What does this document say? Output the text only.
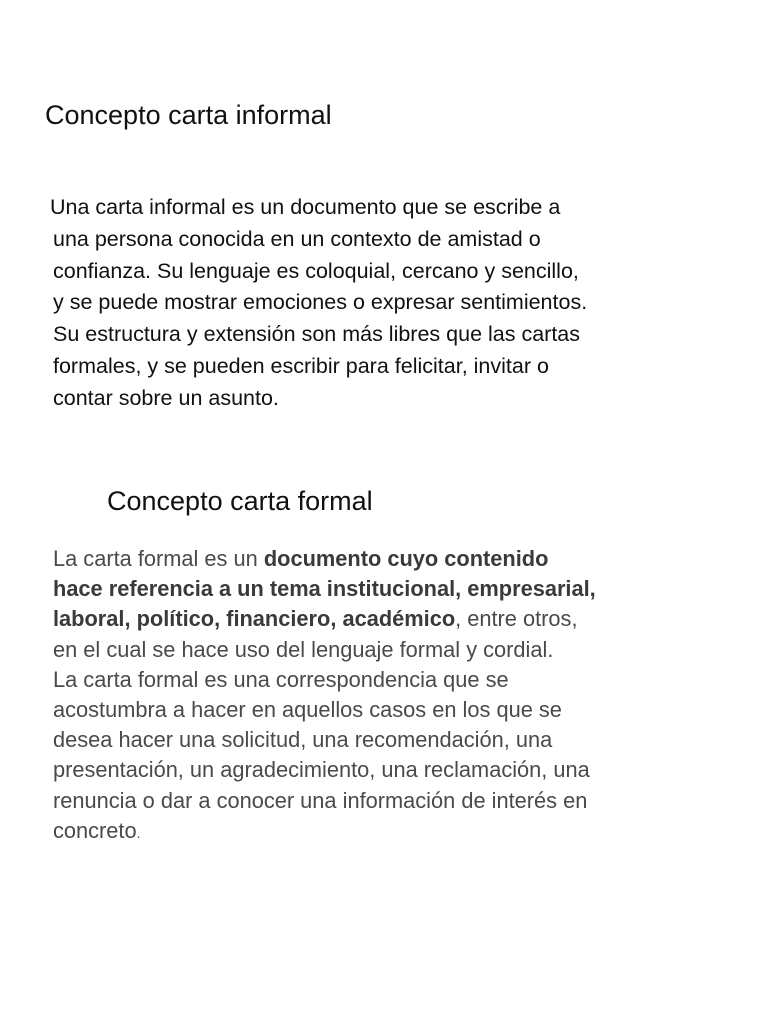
Concepto carta informal
Una carta informal es un documento que se escribe a
una persona conocida en un contexto de amistad o
confianza. Su lenguaje es coloquial, cercano y sencillo,
y se puede mostrar emociones o expresar sentimientos.
Su estructura y extensión son más libres que las cartas
formales, y se pueden escribir para felicitar, invitar o
contar sobre un asunto.
Concepto carta formal
La carta formal es un documento cuyo contenido
hace referencia a un tema institucional, empresarial,
laboral, político, financiero, académico, entre otros,
en el cual se hace uso del lenguaje formal y cordial.
La carta formal es una correspondencia que se
acostumbra a hacer en aquellos casos en los que se
desea hacer una solicitud, una recomendación, una
presentación, un agradecimiento, una reclamación, una
renuncia o dar a conocer una información de interés en
concreto.
